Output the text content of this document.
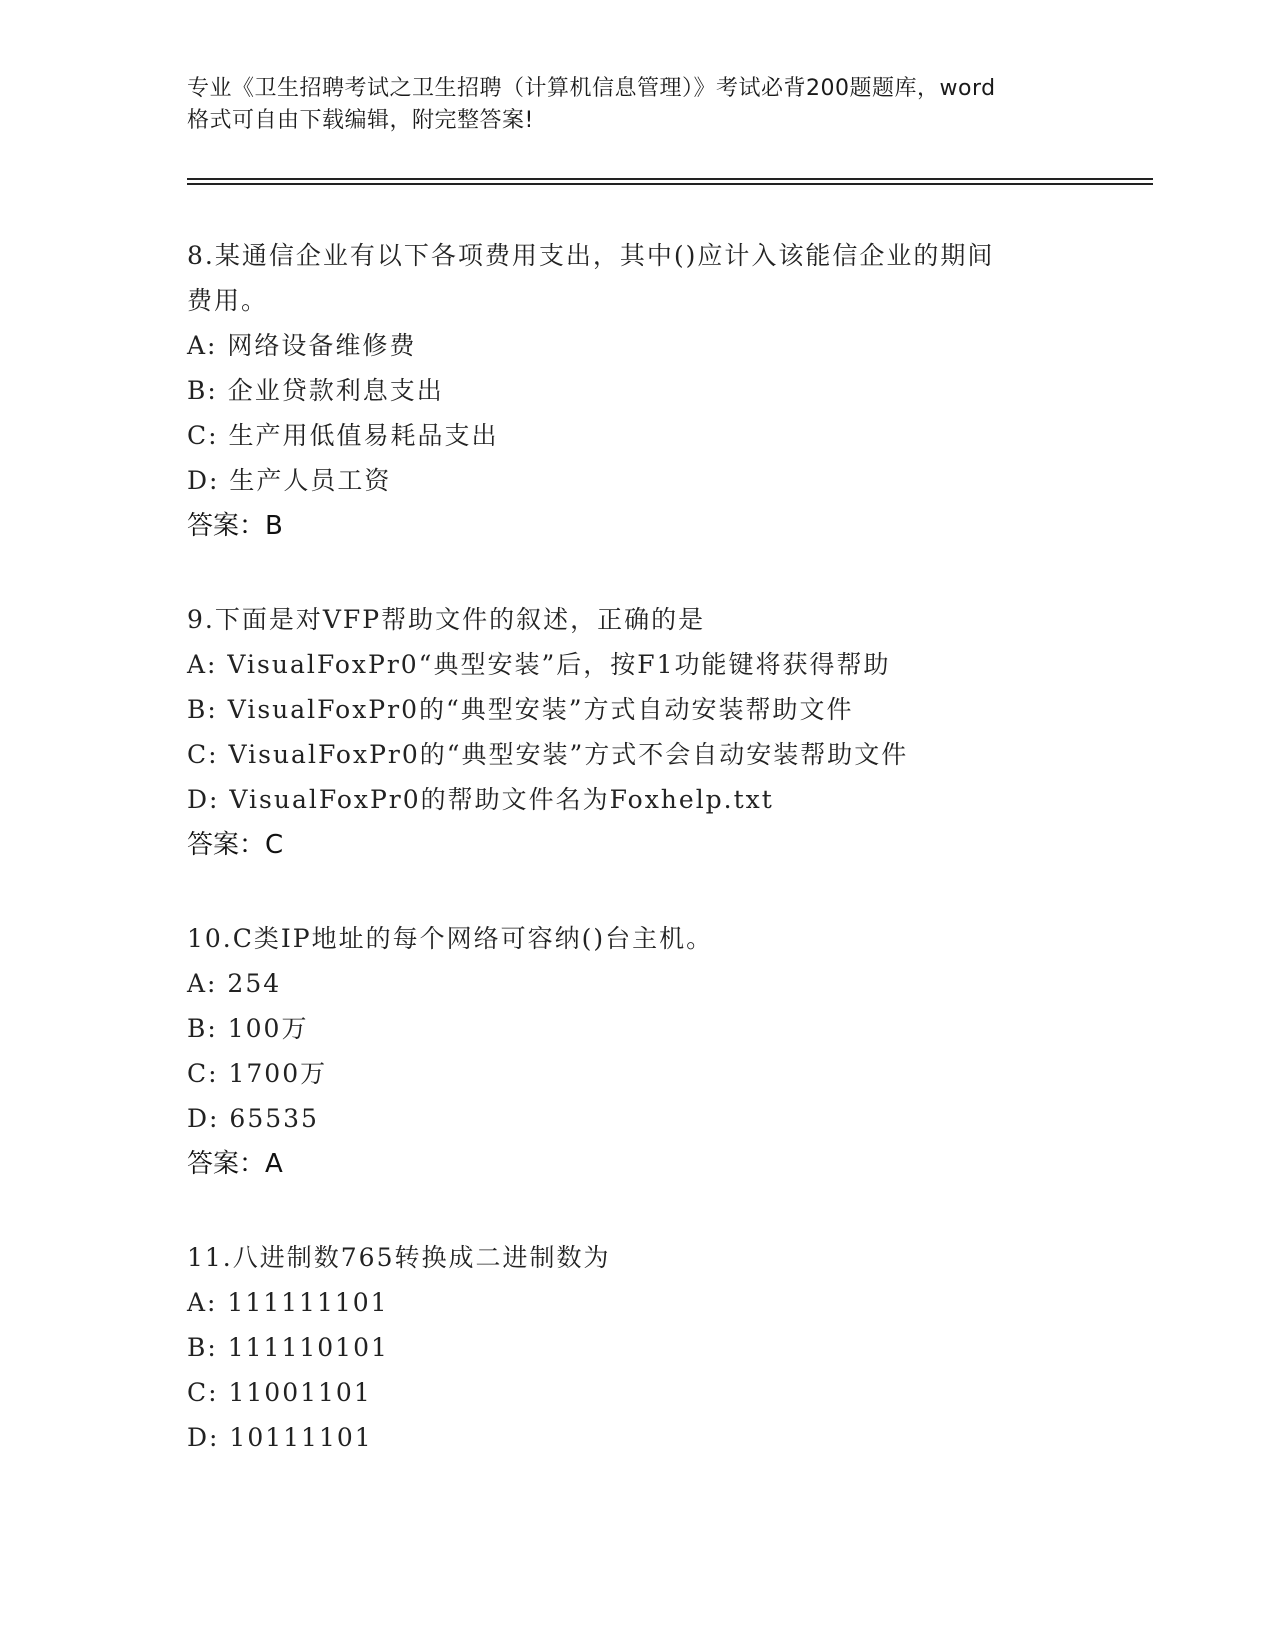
专业《卫生招聘考试之卫生招聘（计算机信息管理）》考试必背200题题库，word
格式可自由下载编辑，附完整答案!

8.某通信企业有以下各项费用支出，其中()应计入该能信企业的期间

费用。

A: 网络设备维修费

B: 企业贷款利息支出

C: 生产用低值易耗品支出

D: 生产人员工资

答案：B

9.下面是对VFP帮助文件的叙述，正确的是

A: VisualFoxPr0“典型安装”后，按F1功能键将获得帮助

B: VisualFoxPr0的“典型安装”方式自动安装帮助文件

C: VisualFoxPr0的“典型安装”方式不会自动安装帮助文件

D: VisualFoxPr0的帮助文件名为Foxhelp.txt

答案：C

10.C类IP地址的每个网络可容纳()台主机。

A: 254

B: 100万

C: 1700万

D: 65535

答案：A

11.八进制数765转换成二进制数为

A: 111111101

B: 111110101

C: 11001101

D: 10111101
